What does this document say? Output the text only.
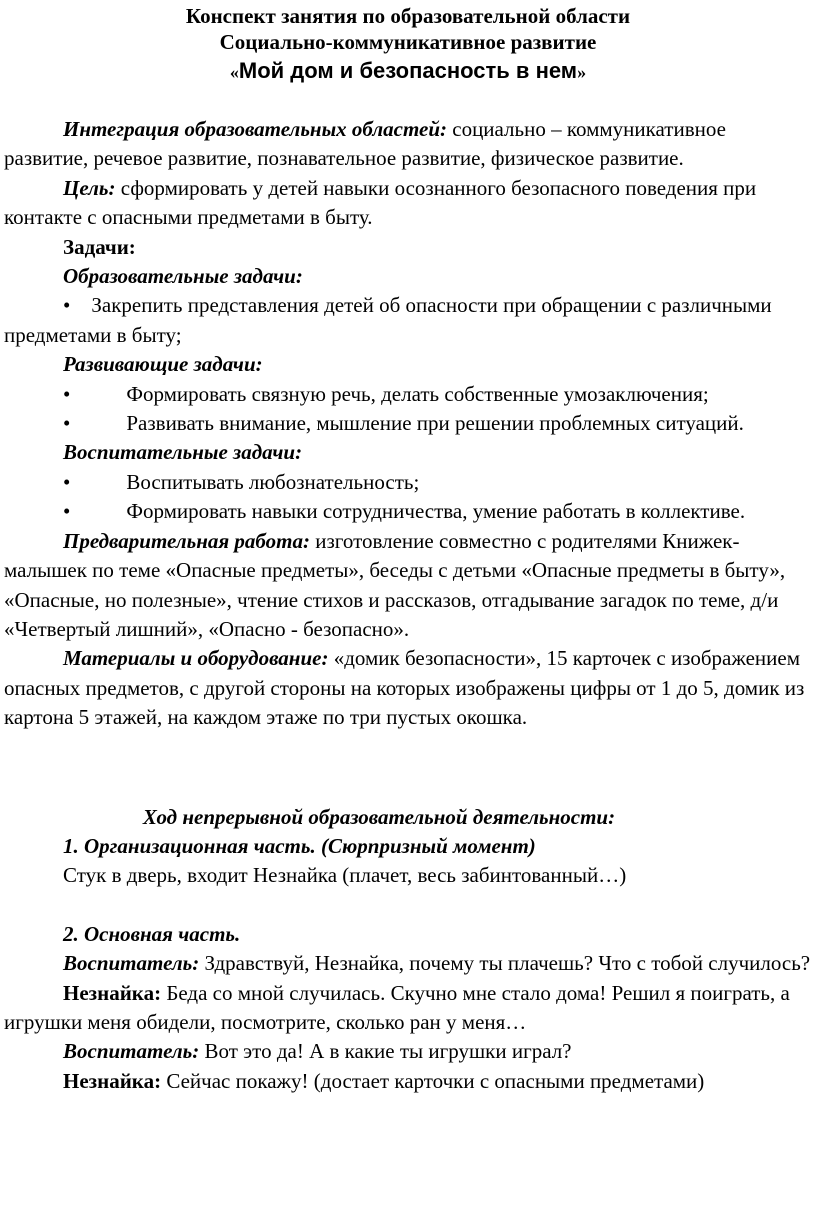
Конспект занятия по образовательной области
Социально-коммуникативное развитие
«Мой дом и безопасность в нем»

Интеграция образовательных областей: социально – коммуникативное развитие, речевое развитие, познавательное развитие, физическое развитие.

Цель: сформировать у детей навыки осознанного безопасного поведения при контакте с опасными предметами в быту.

Задачи:

Образовательные задачи:

• Закрепить представления детей об опасности при обращении с различными предметами в быту;

Развивающие задачи:

•	Формировать связную речь, делать собственные умозаключения;

•	Развивать внимание, мышление при решении проблемных ситуаций.

Воспитательные задачи:

•	Воспитывать любознательность;

•	Формировать навыки сотрудничества, умение работать в коллективе.

Предварительная работа: изготовление совместно с родителями Книжек-малышек по теме «Опасные предметы», беседы с детьми «Опасные предметы в быту», «Опасные, но полезные», чтение стихов и рассказов, отгадывание загадок по теме, д/и «Четвертый лишний», «Опасно - безопасно».

Материалы и оборудование: «домик безопасности», 15 карточек с изображением опасных предметов, с другой стороны на которых изображены цифры от 1 до 5, домик из картона 5 этажей, на каждом этаже по три пустых окошка.

Ход непрерывной образовательной деятельности:

1. Организационная часть. (Сюрпризный момент)

Стук в дверь, входит Незнайка (плачет, весь забинтованный…)

2. Основная часть.

Воспитатель: Здравствуй, Незнайка, почему ты плачешь? Что с тобой случилось?

Незнайка: Беда со мной случилась. Скучно мне стало дома! Решил я поиграть, а игрушки меня обидели, посмотрите, сколько ран у меня…

Воспитатель: Вот это да! А в какие ты игрушки играл?

Незнайка: Сейчас покажу! (достает карточки с опасными предметами)
